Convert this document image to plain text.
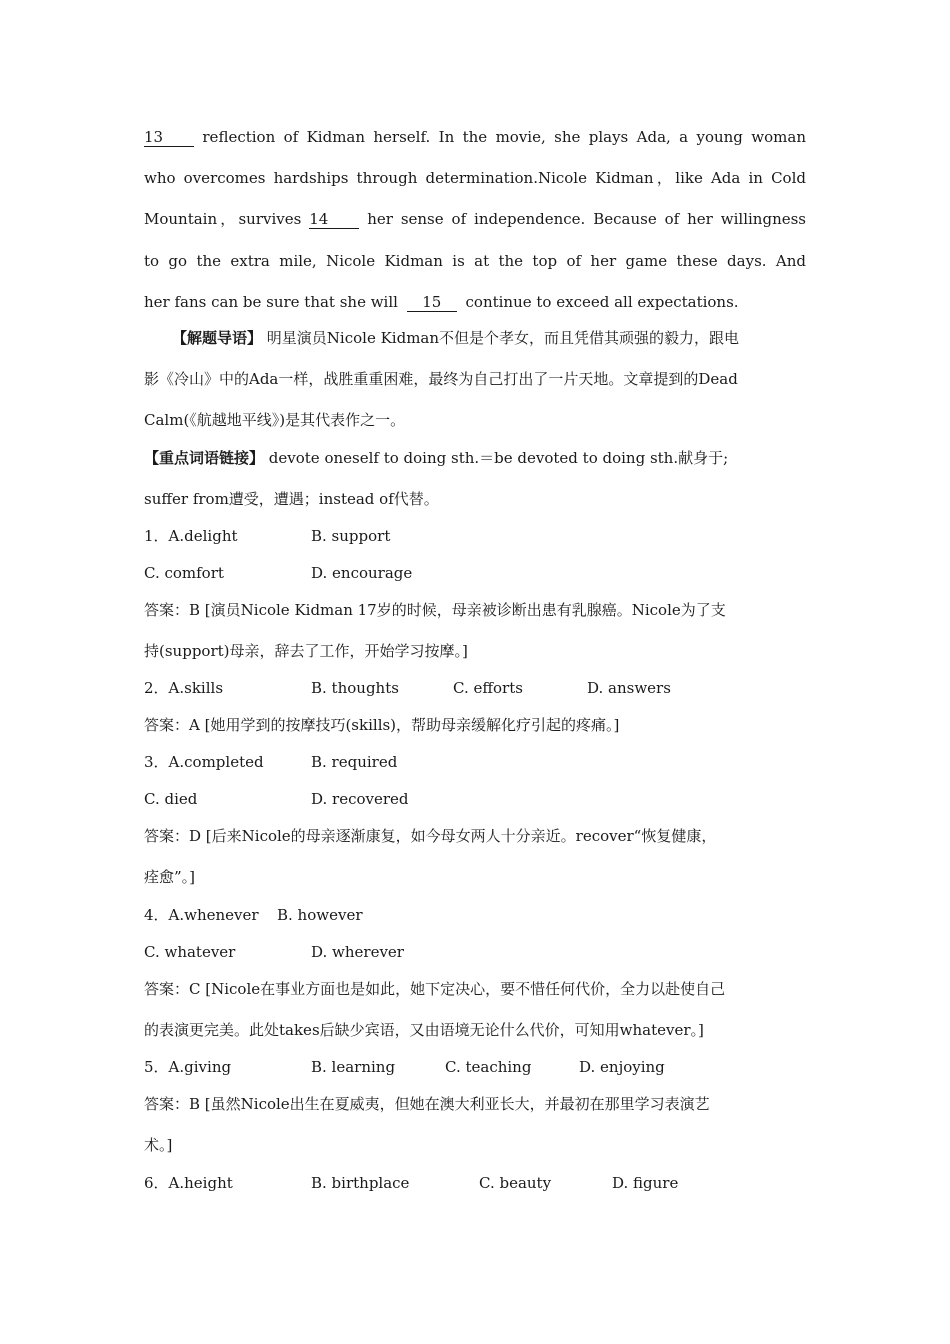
13	reflection of Kidman herself. In the movie, she plays Ada, a young woman
who overcomes hardships through determination.Nicole Kidman，like Ada in Cold
Mountain，survives 14	her sense of independence. Because of her willingness
to go the extra mile, Nicole Kidman is at the top of her game these days. And
her fans can be sure that she will 15 continue to exceed all expectations.
【解题导语】 明星演员Nicole Kidman不但是个孝女，而且凭借其顽强的毅力，跟电
影《冷山》中的Ada一样，战胜重重困难，最终为自己打出了一片天地。文章提到的Dead
Calm(《航越地平线》)是其代表作之一。
【重点词语链接】 devote oneself to doing sth.＝be devoted to doing sth.献身于;
suffer from遭受，遭遇；instead of代替。
1．A.delight	B. support
C. comfort	D. encourage
答案：B [演员Nicole Kidman 17岁的时候，母亲被诊断出患有乳腺癌。Nicole为了支
持(support)母亲，辞去了工作，开始学习按摩。]
2．A.skills	B. thoughts	C. efforts	D. answers
答案：A [她用学到的按摩技巧(skills)，帮助母亲缓解化疗引起的疼痛。]
3．A.completed	B. required
C. died	D. recovered
答案：D [后来Nicole的母亲逐渐康复，如今母女两人十分亲近。recover“恢复健康，
痊愈”。]
4．A.whenever B. however
C. whatever	D. wherever
答案：C [Nicole在事业方面也是如此，她下定决心，要不惜任何代价，全力以赴使自己
的表演更完美。此处takes后缺少宾语，又由语境无论什么代价，可知用whatever。]
5．A.giving	B. learning	C. teaching	D. enjoying
答案：B [虽然Nicole出生在夏威夷，但她在澳大利亚长大，并最初在那里学习表演艺
术。]
6．A.height	B. birthplace	C. beauty	D. figure
